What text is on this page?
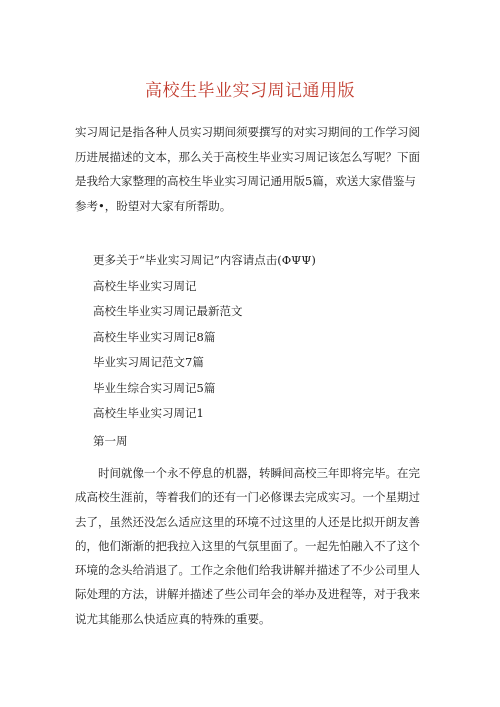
高校生毕业实习周记通用版
实习周记是指各种人员实习期间须要撰写的对实习期间的工作学习阅历进展描述的文本，那么关于高校生毕业实习周记该怎么写呢？下面是我给大家整理的高校生毕业实习周记通用版5篇，欢送大家借鉴与参考•，盼望对大家有所帮助。
更多关于“毕业实习周记”内容请点击(ΦΨΨ)
高校生毕业实习周记
高校生毕业实习周记最新范文
高校生毕业实习周记8篇
毕业实习周记范文7篇
毕业生综合实习周记5篇
高校生毕业实习周记1
第一周
时间就像一个永不停息的机器，转瞬间高校三年即将完毕。在完成高校生涯前，等着我们的还有一门必修课去完成实习。一个星期过去了，虽然还没怎么适应这里的环境不过这里的人还是比拟开朗友善的，他们渐渐的把我拉入这里的气氛里面了。一起先怕融入不了这个环境的念头给消退了。工作之余他们给我讲解并描述了不少公司里人际处理的方法，讲解并描述了些公司年会的举办及进程等，对于我来说尤其能那么快适应真的特殊的重要。
